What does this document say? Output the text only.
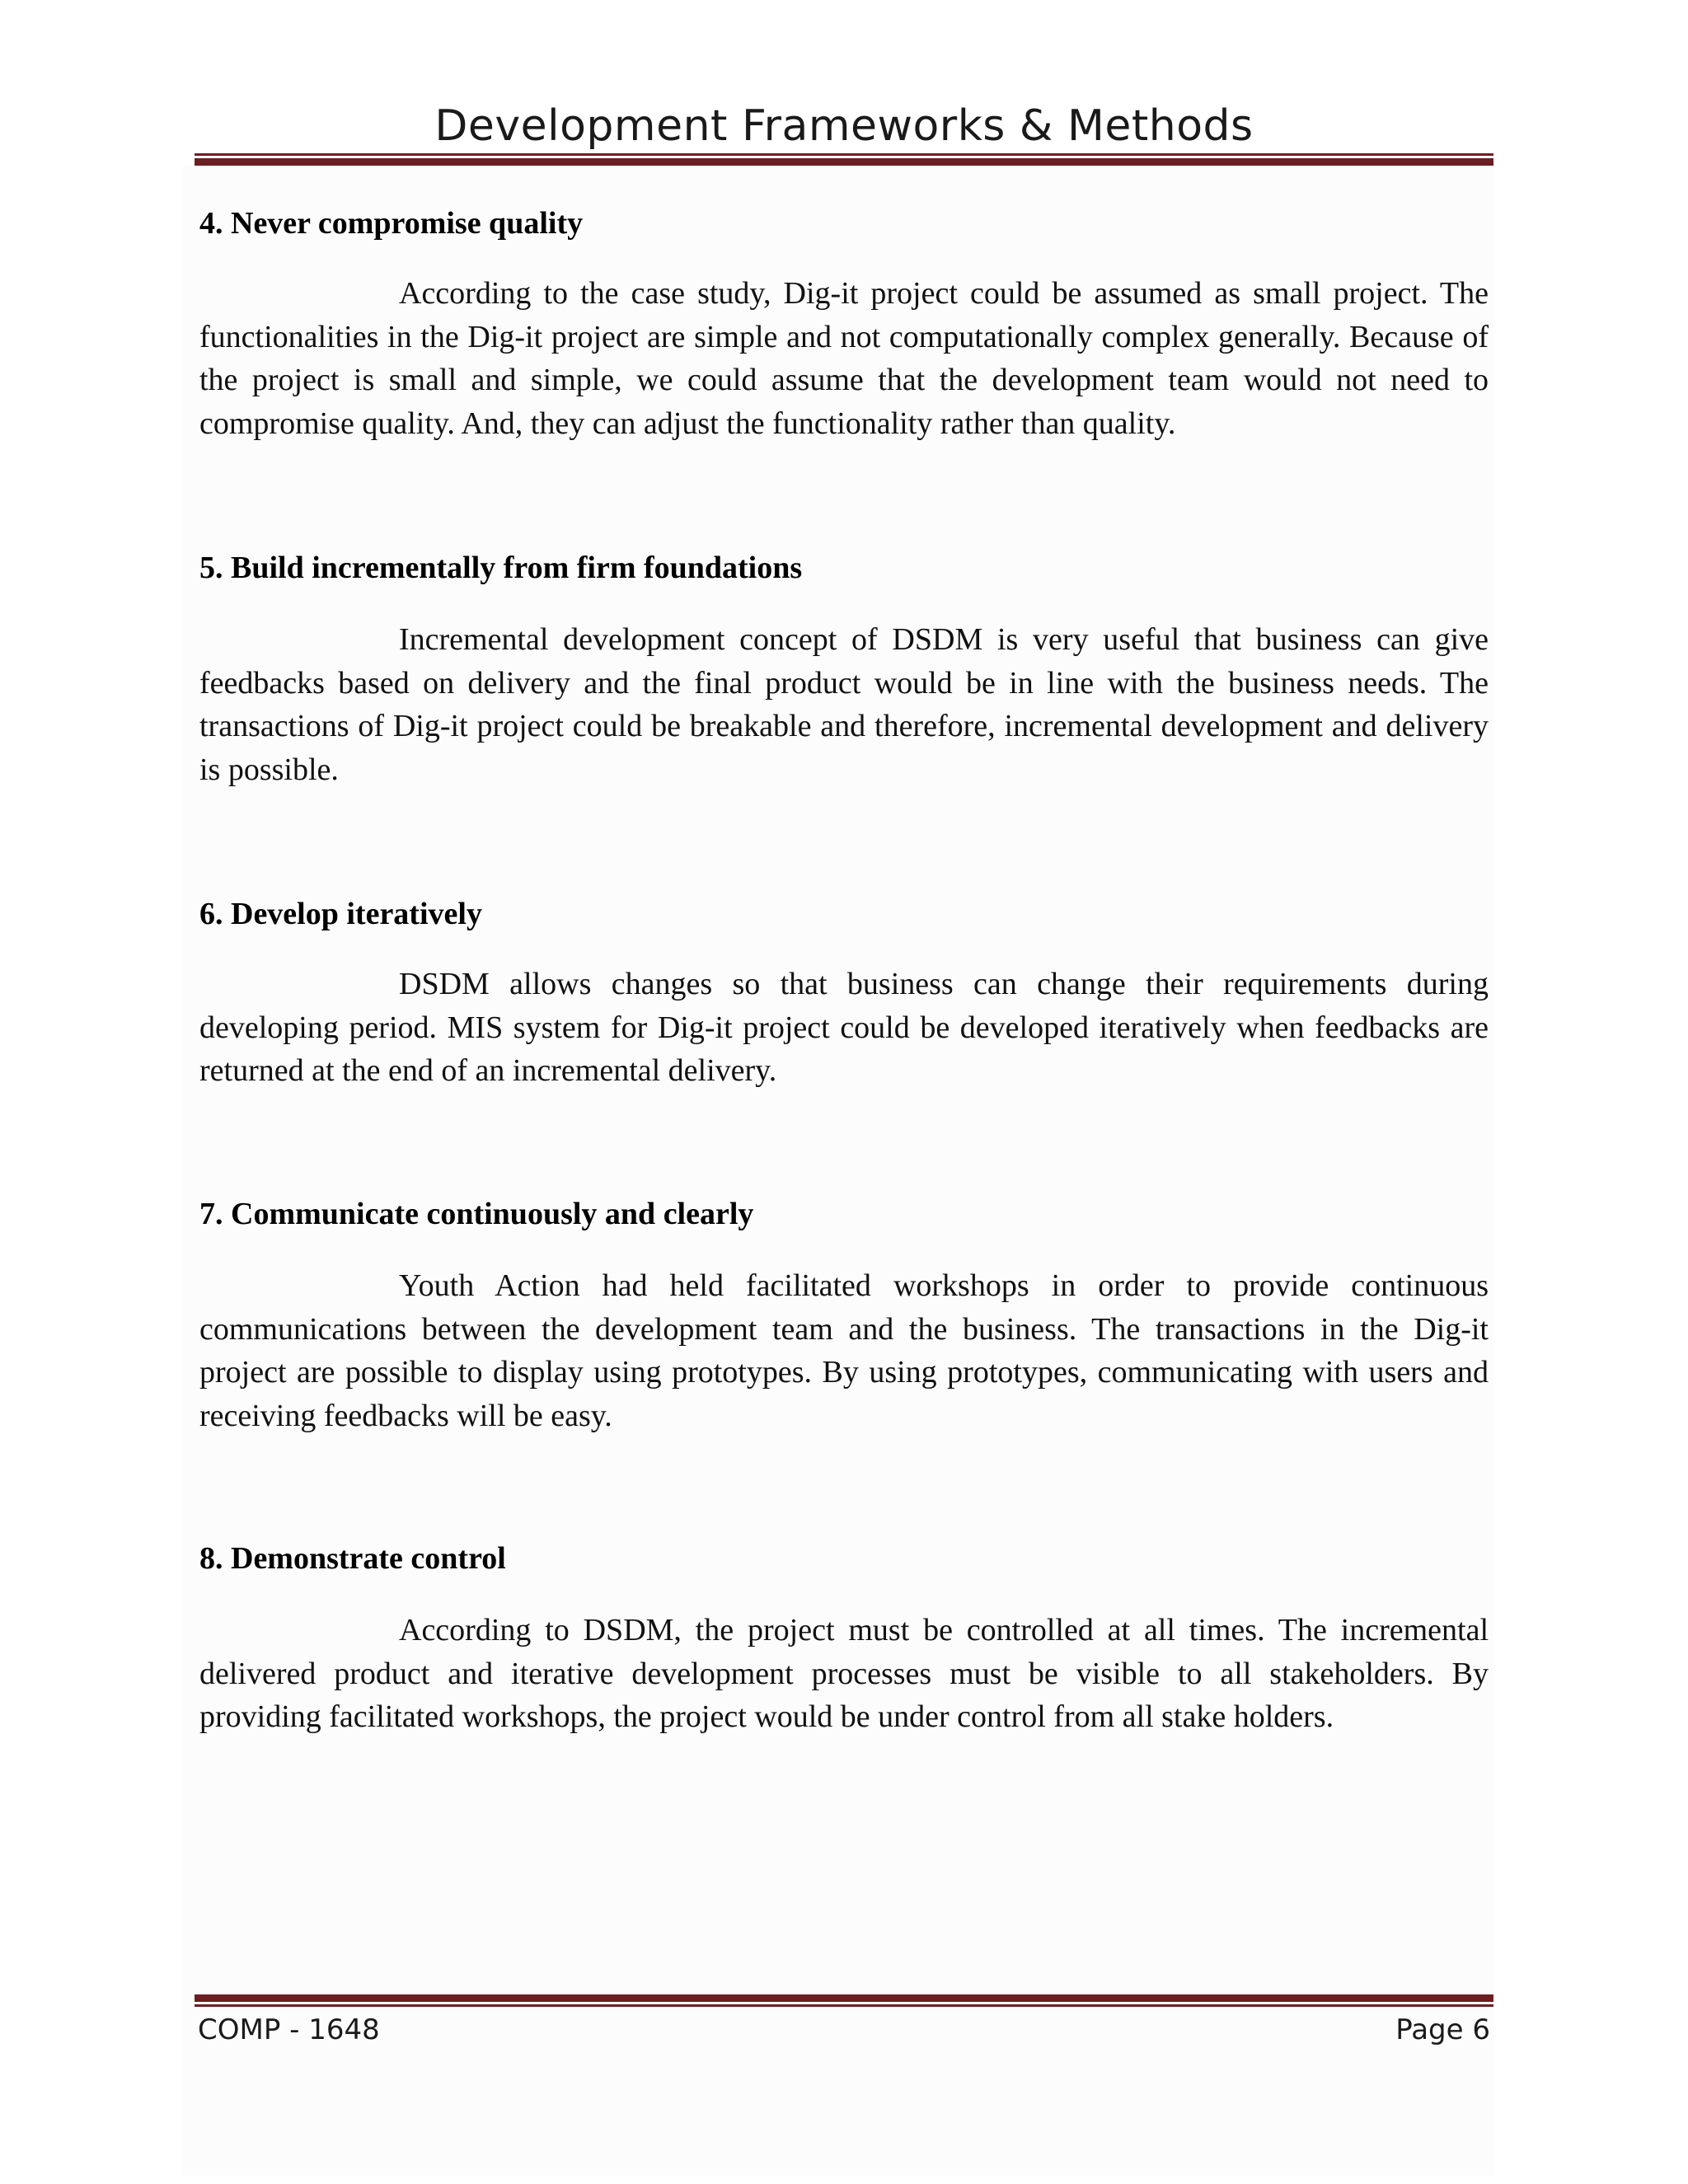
Development Frameworks & Methods
4. Never compromise quality

According to the case study, Dig-it project could be assumed as small project. The functionalities in the Dig-it project are simple and not computationally complex generally. Because of the project is small and simple, we could assume that the development team would not need to compromise quality. And, they can adjust the functionality rather than quality.

5. Build incrementally from firm foundations

Incremental development concept of DSDM is very useful that business can give feedbacks based on delivery and the final product would be in line with the business needs. The transactions of Dig-it project could be breakable and therefore, incremental development and delivery is possible.

6. Develop iteratively

DSDM allows changes so that business can change their requirements during developing period. MIS system for Dig-it project could be developed iteratively when feedbacks are returned at the end of an incremental delivery.

7. Communicate continuously and clearly

Youth Action had held facilitated workshops in order to provide continuous communications between the development team and the business. The transactions in the Dig-it project are possible to display using prototypes. By using prototypes, communicating with users and receiving feedbacks will be easy.

8. Demonstrate control

According to DSDM, the project must be controlled at all times. The incremental delivered product and iterative development processes must be visible to all stakeholders. By providing facilitated workshops, the project would be under control from all stake holders.

COMP - 1648	Page 6
